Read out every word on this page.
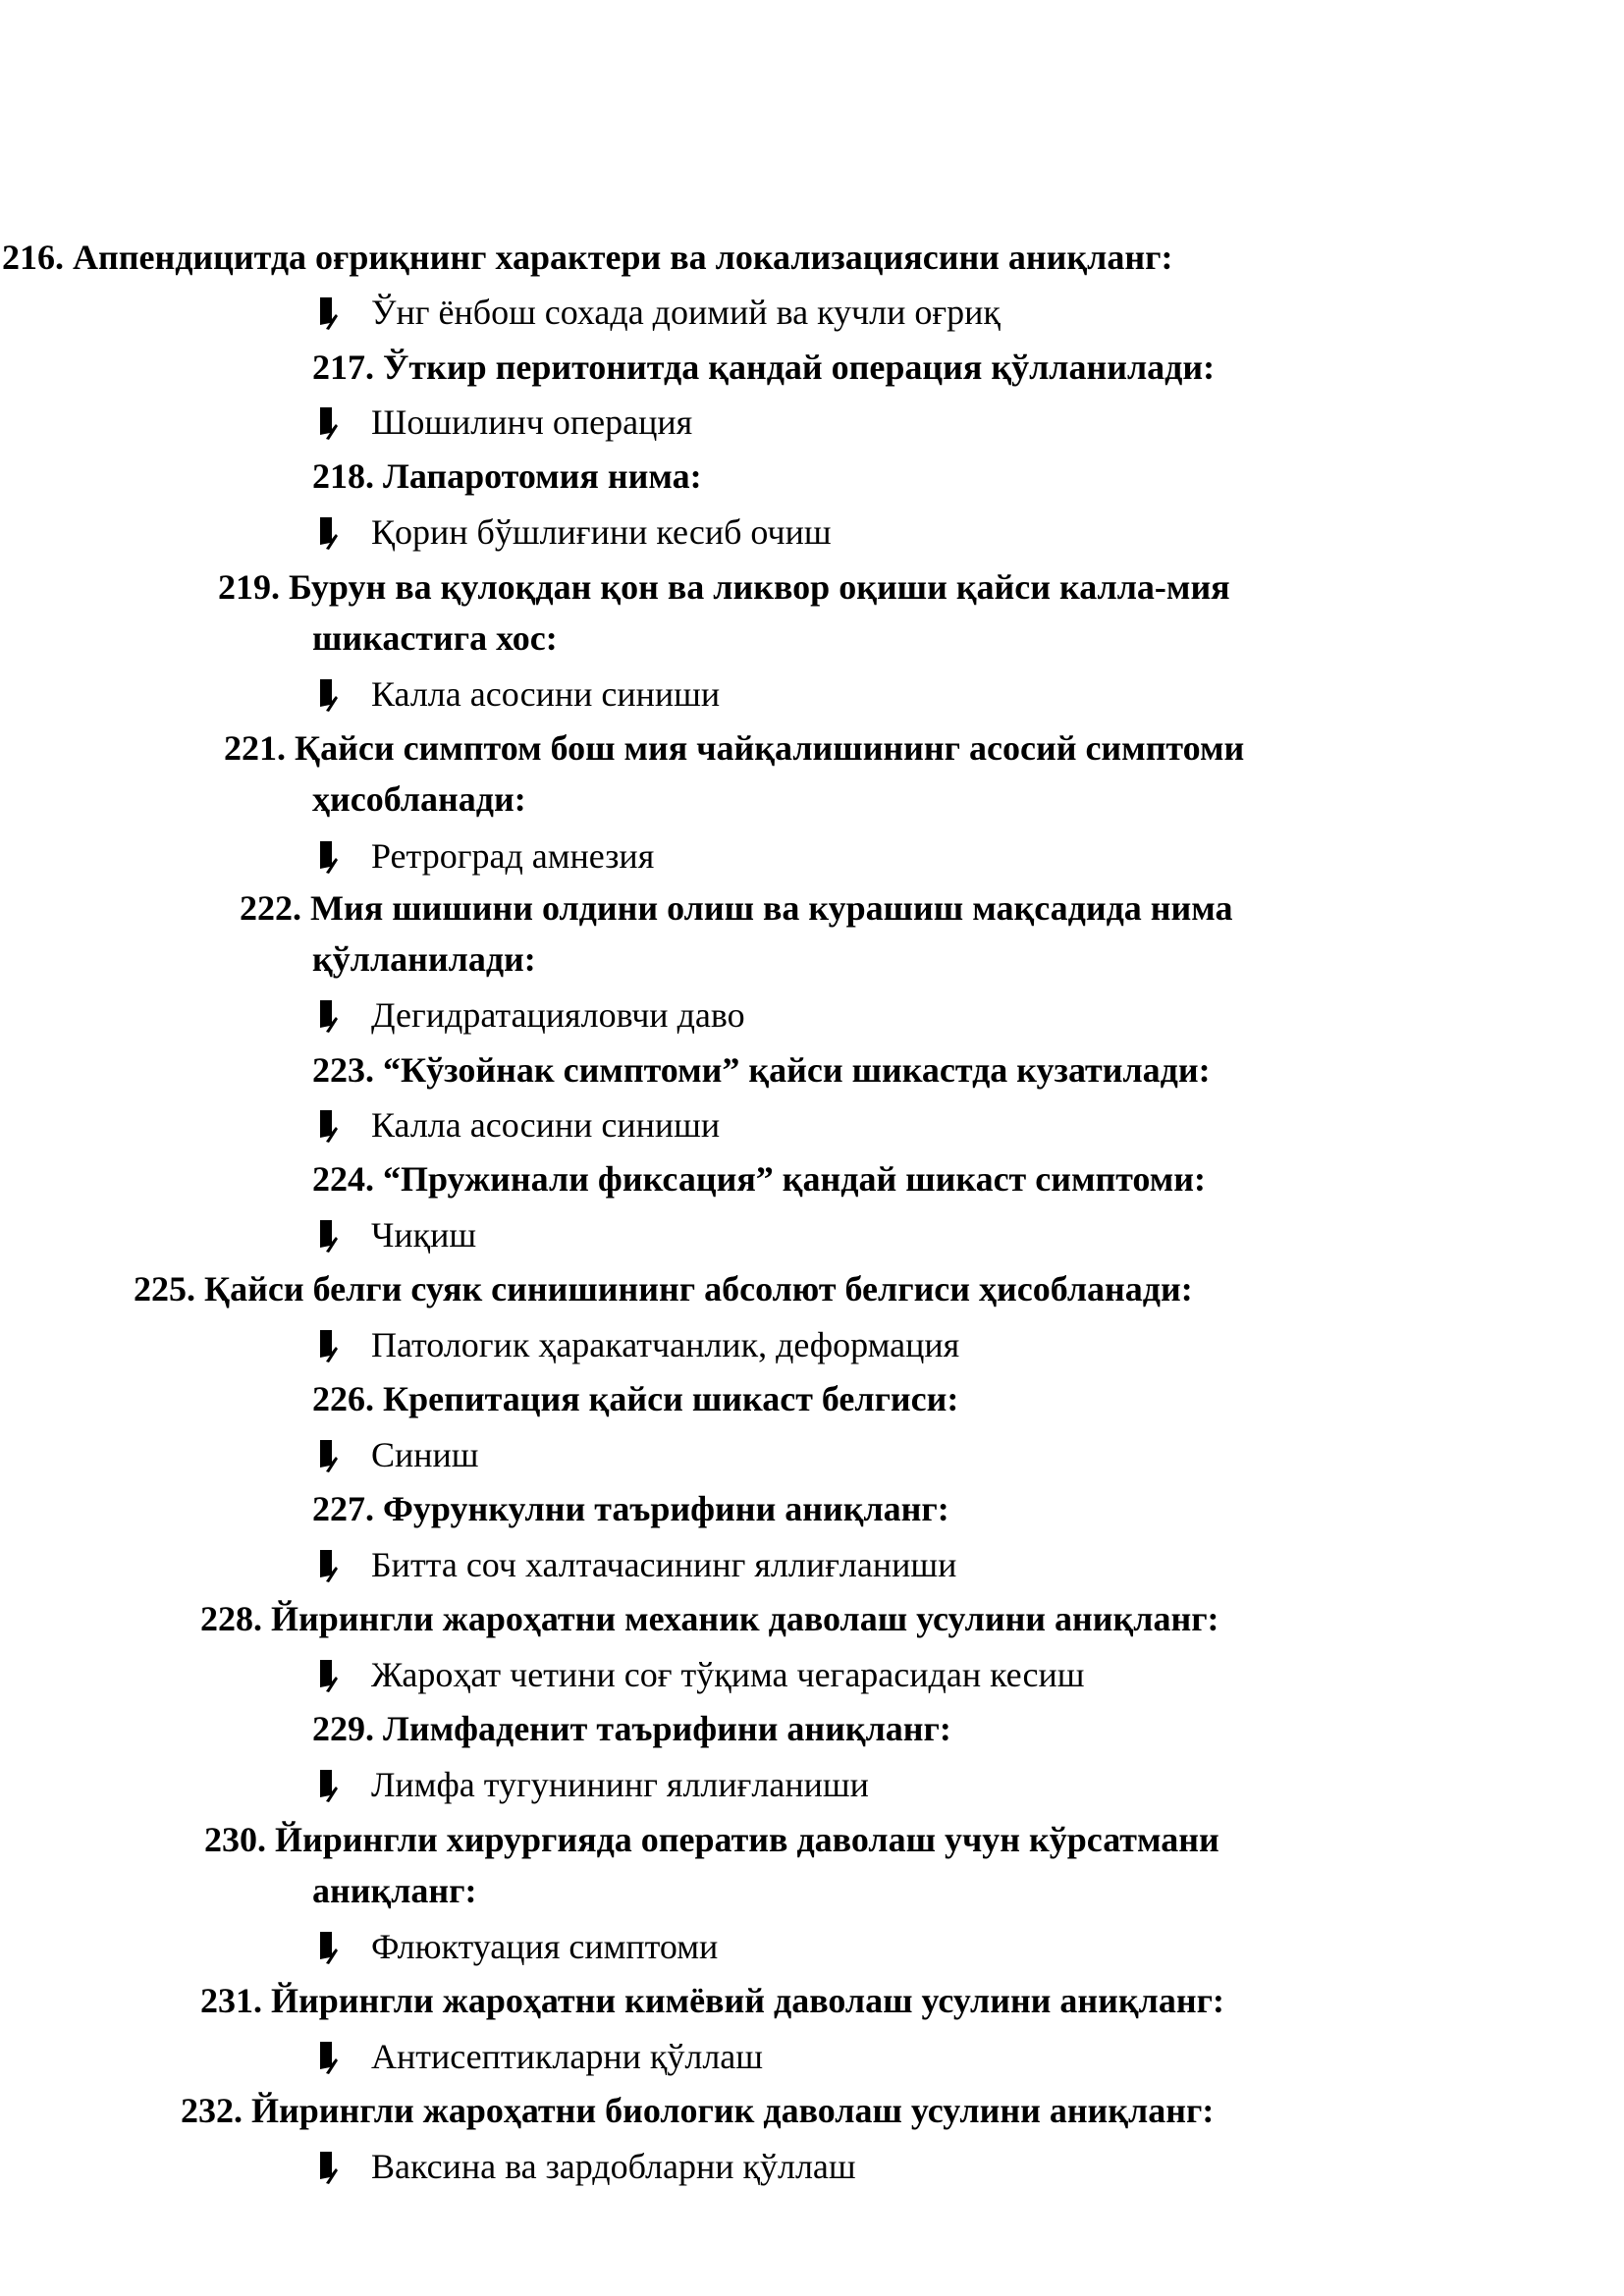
216. Аппендицитда оғриқнинг характери ва локализациясини аниқланг:
Ўнг ёнбош сохада доимий ва кучли оғриқ
217. Ўткир перитонитда қандай операция қўлланилади:
Шошилинч операция
218. Лапаротомия нима:
Қорин бўшлиғини кесиб очиш
219. Бурун ва қулоқдан қон ва ликвор оқиши қайси калла-мия
шикастига хос:
Калла асосини синиши
221. Қайси симптом бош мия чайқалишининг асосий симптоми
ҳисобланади:
Ретроград амнезия
222. Мия шишини олдини олиш ва курашиш мақсадида нима
қўлланилади:
Дегидратацияловчи даво
223. “Кўзойнак симптоми” қайси шикастда кузатилади:
Калла асосини синиши
224. “Пружинали фиксация” қандай шикаст симптоми:
Чиқиш
225. Қайси белги суяк синишининг абсолют белгиси ҳисобланади:
Патологик ҳаракатчанлик, деформация
226. Крепитация қайси шикаст белгиси:
Синиш
227. Фурункулни таърифини аниқланг:
Битта соч халтачасининг яллиғланиши
228. Йирингли жароҳатни механик даволаш усулини аниқланг:
Жароҳат четини соғ тўқима чегарасидан кесиш
229. Лимфаденит таърифини аниқланг:
Лимфа тугунининг яллиғланиши
230. Йирингли хирургияда оператив даволаш учун кўрсатмани
аниқланг:
Флюктуация симптоми
231. Йирингли жароҳатни кимёвий даволаш усулини аниқланг:
Антисептикларни қўллаш
232. Йирингли жароҳатни биологик даволаш усулини аниқланг:
Ваксина ва зардобларни қўллаш
